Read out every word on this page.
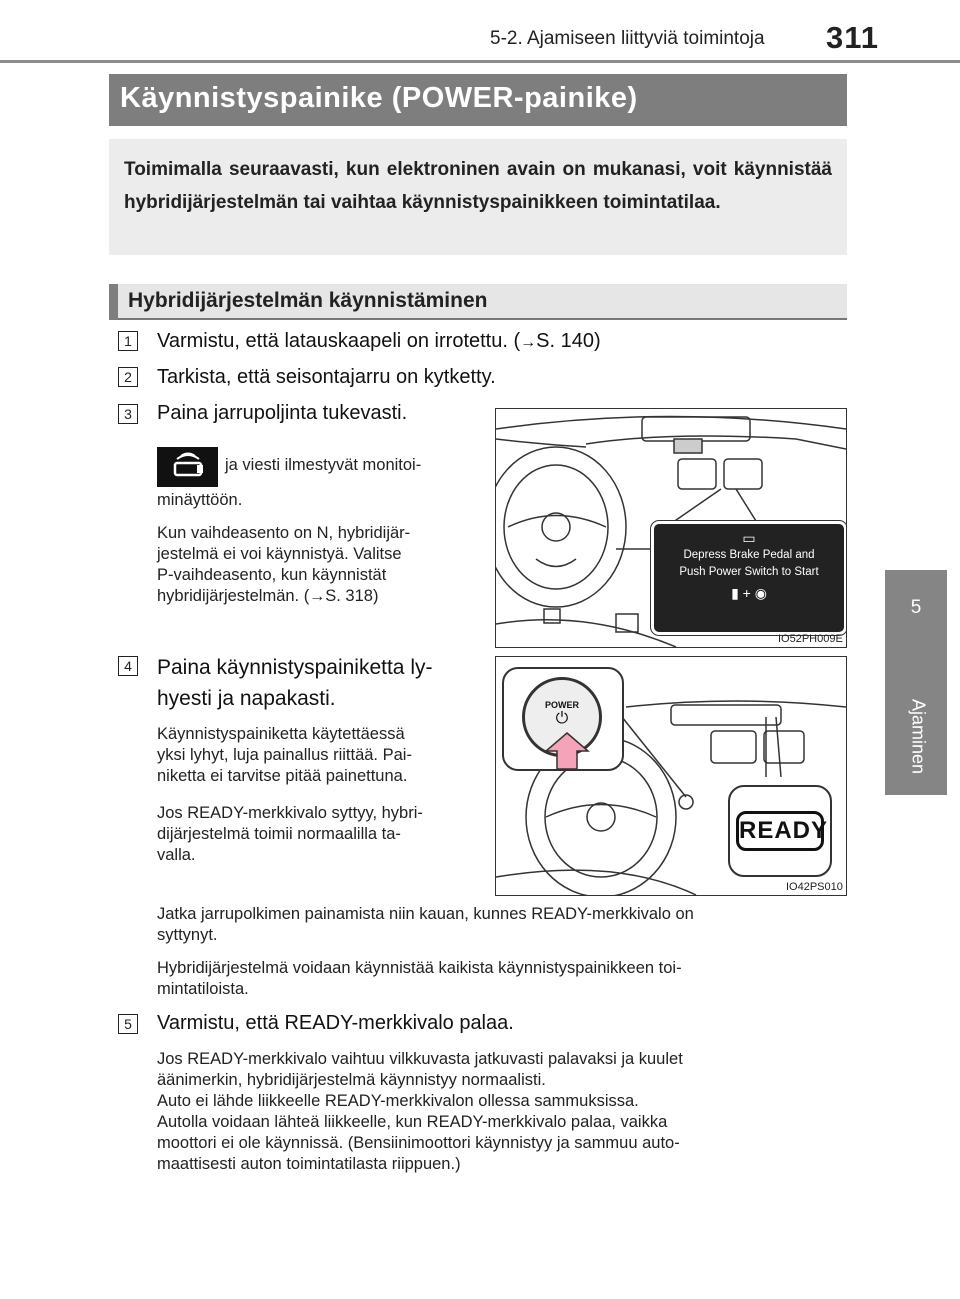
5-2. Ajamiseen liittyviä toimintoja 311
5
Ajaminen
Käynnistyspainike (POWER-painike)
Toimimalla seuraavasti, kun elektroninen avain on mukanasi, voit käynnistää hybridijärjestelmän tai vaihtaa käynnistyspainikkeen toimintatilaa.
Hybridijärjestelmän käynnistäminen
1	Varmistu, että latauskaapeli on irrotettu. (→S. 140)
2	Tarkista, että seisontajarru on kytketty.
3	Paina jarrupoljinta tukevasti.
ja viesti ilmestyvät monitoi-
minäyttöön.
Kun vaihdeasento on N, hybridijär-
jestelmä ei voi käynnistyä. Valitse
P-vaihdeasento, kun käynnistät
hybridijärjestelmän. (→S. 318)
▭
Depress Brake Pedal and
Push Power Switch to Start
▮ + ◉
IO52PH009E
4 Paina käynnistyspainiketta ly-
hyesti ja napakasti.
Käynnistyspainiketta käytettäessä
yksi lyhyt, luja painallus riittää. Pai-
niketta ei tarvitse pitää painettuna.
Jos READY-merkkivalo syttyy, hybri-
dijärjestelmä toimii normaalilla ta-
valla.
POWER
⏻
READY
IO42PS010
Jatka jarrupolkimen painamista niin kauan, kunnes READY-merkkivalo on
syttynyt.
Hybridijärjestelmä voidaan käynnistää kaikista käynnistyspainikkeen toi-
mintatiloista.
5	Varmistu, että READY-merkkivalo palaa.
Jos READY-merkkivalo vaihtuu vilkkuvasta jatkuvasti palavaksi ja kuulet
äänimerkin, hybridijärjestelmä käynnistyy normaalisti.
Auto ei lähde liikkeelle READY-merkkivalon ollessa sammuksissa.
Autolla voidaan lähteä liikkeelle, kun READY-merkkivalo palaa, vaikka
moottori ei ole käynnissä. (Bensiinimoottori käynnistyy ja sammuu auto-
maattisesti auton toimintatilasta riippuen.)
